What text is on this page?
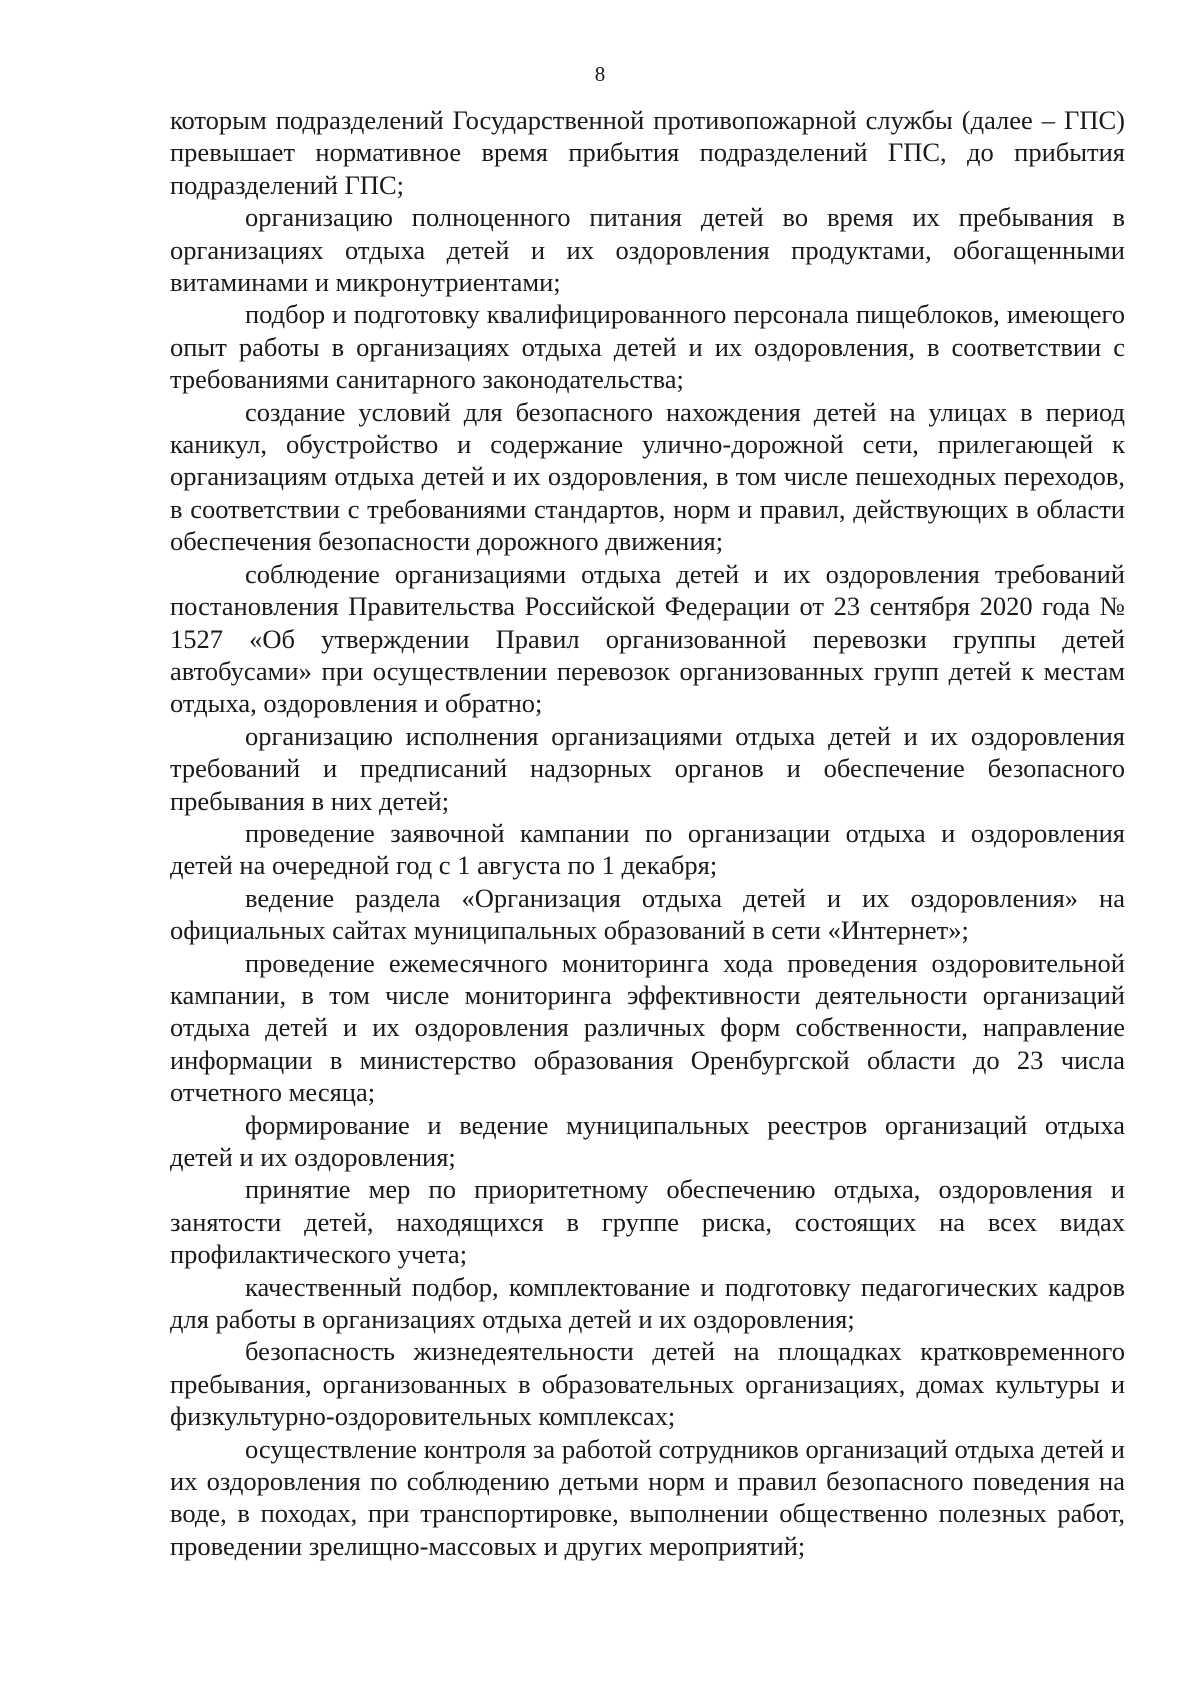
8

которым подразделений Государственной противопожарной службы (далее – ГПС) превышает нормативное время прибытия подразделений ГПС, до прибытия подразделений ГПС;

организацию полноценного питания детей во время их пребывания в организациях отдыха детей и их оздоровления продуктами, обогащенными витаминами и микронутриентами;

подбор и подготовку квалифицированного персонала пищеблоков, имеющего опыт работы в организациях отдыха детей и их оздоровления, в соответствии с требованиями санитарного законодательства;

создание условий для безопасного нахождения детей на улицах в период каникул, обустройство и содержание улично-дорожной сети, прилегающей к организациям отдыха детей и их оздоровления, в том числе пешеходных переходов, в соответствии с требованиями стандартов, норм и правил, действующих в области обеспечения безопасности дорожного движения;

соблюдение организациями отдыха детей и их оздоровления требований постановления Правительства Российской Федерации от 23 сентября 2020 года № 1527 «Об утверждении Правил организованной перевозки группы детей автобусами» при осуществлении перевозок организованных групп детей к местам отдыха, оздоровления и обратно;

организацию исполнения организациями отдыха детей и их оздоровления требований и предписаний надзорных органов и обеспечение безопасного пребывания в них детей;

проведение заявочной кампании по организации отдыха и оздоровления детей на очередной год с 1 августа по 1 декабря;

ведение раздела «Организация отдыха детей и их оздоровления» на официальных сайтах муниципальных образований в сети «Интернет»;

проведение ежемесячного мониторинга хода проведения оздоровительной кампании, в том числе мониторинга эффективности деятельности организаций отдыха детей и их оздоровления различных форм собственности, направление информации в министерство образования Оренбургской области до 23 числа отчетного месяца;

формирование и ведение муниципальных реестров организаций отдыха детей и их оздоровления;

принятие мер по приоритетному обеспечению отдыха, оздоровления и занятости детей, находящихся в группе риска, состоящих на всех видах профилактического учета;

качественный подбор, комплектование и подготовку педагогических кадров для работы в организациях отдыха детей и их оздоровления;

безопасность жизнедеятельности детей на площадках кратковременного пребывания, организованных в образовательных организациях, домах культуры и физкультурно-оздоровительных комплексах;

осуществление контроля за работой сотрудников организаций отдыха детей и их оздоровления по соблюдению детьми норм и правил безопасного поведения на воде, в походах, при транспортировке, выполнении общественно полезных работ, проведении зрелищно-массовых и других мероприятий;
